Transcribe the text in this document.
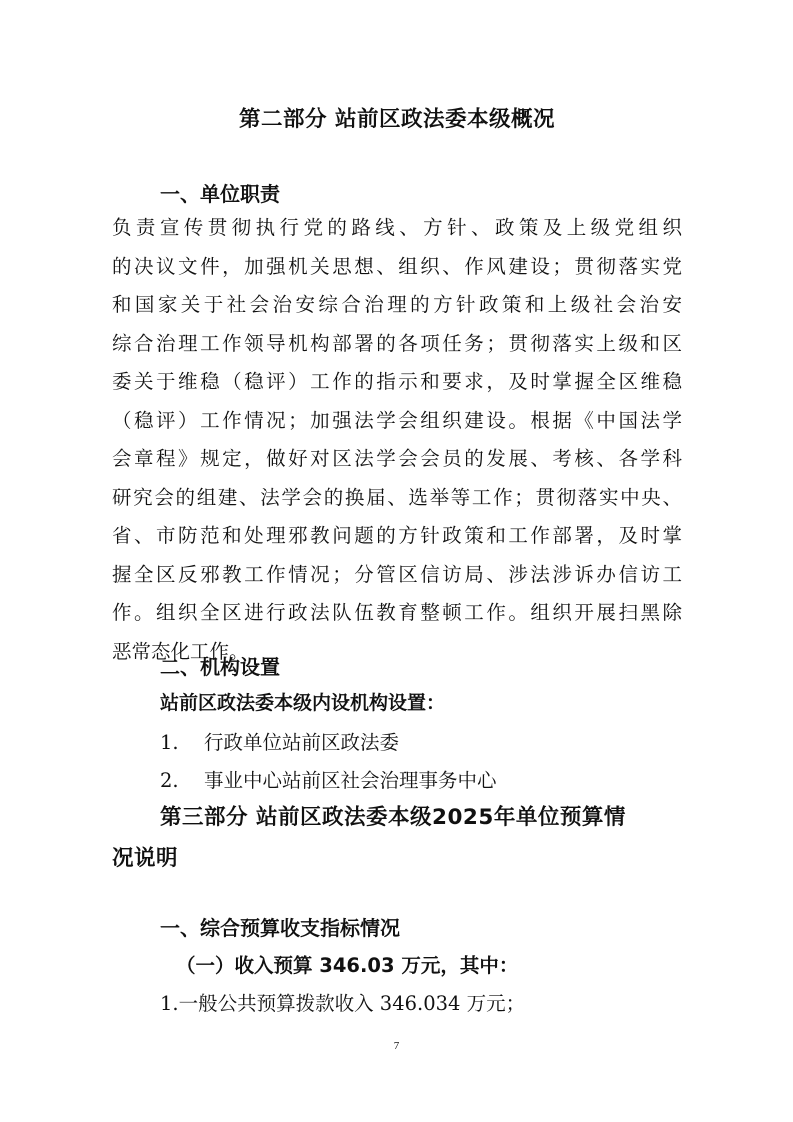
第二部分 站前区政法委本级概况
一、单位职责
负责宣传贯彻执行党的路线、方针、政策及上级党组织
的决议文件，加强机关思想、组织、作风建设；贯彻落实党
和国家关于社会治安综合治理的方针政策和上级社会治安
综合治理工作领导机构部署的各项任务；贯彻落实上级和区
委关于维稳（稳评）工作的指示和要求，及时掌握全区维稳
（稳评）工作情况；加强法学会组织建设。根据《中国法学
会章程》规定，做好对区法学会会员的发展、考核、各学科
研究会的组建、法学会的换届、选举等工作；贯彻落实中央、
省、市防范和处理邪教问题的方针政策和工作部署，及时掌
握全区反邪教工作情况；分管区信访局、涉法涉诉办信访工
作。组织全区进行政法队伍教育整顿工作。组织开展扫黑除
恶常态化工作。
二、机构设置
站前区政法委本级内设机构设置：
1. 行政单位站前区政法委
2. 事业中心站前区社会治理事务中心
第三部分 站前区政法委本级2025年单位预算情
况说明
一、综合预算收支指标情况
（一）收入预算 346.03 万元，其中：
1.一般公共预算拨款收入 346.034 万元；
7
